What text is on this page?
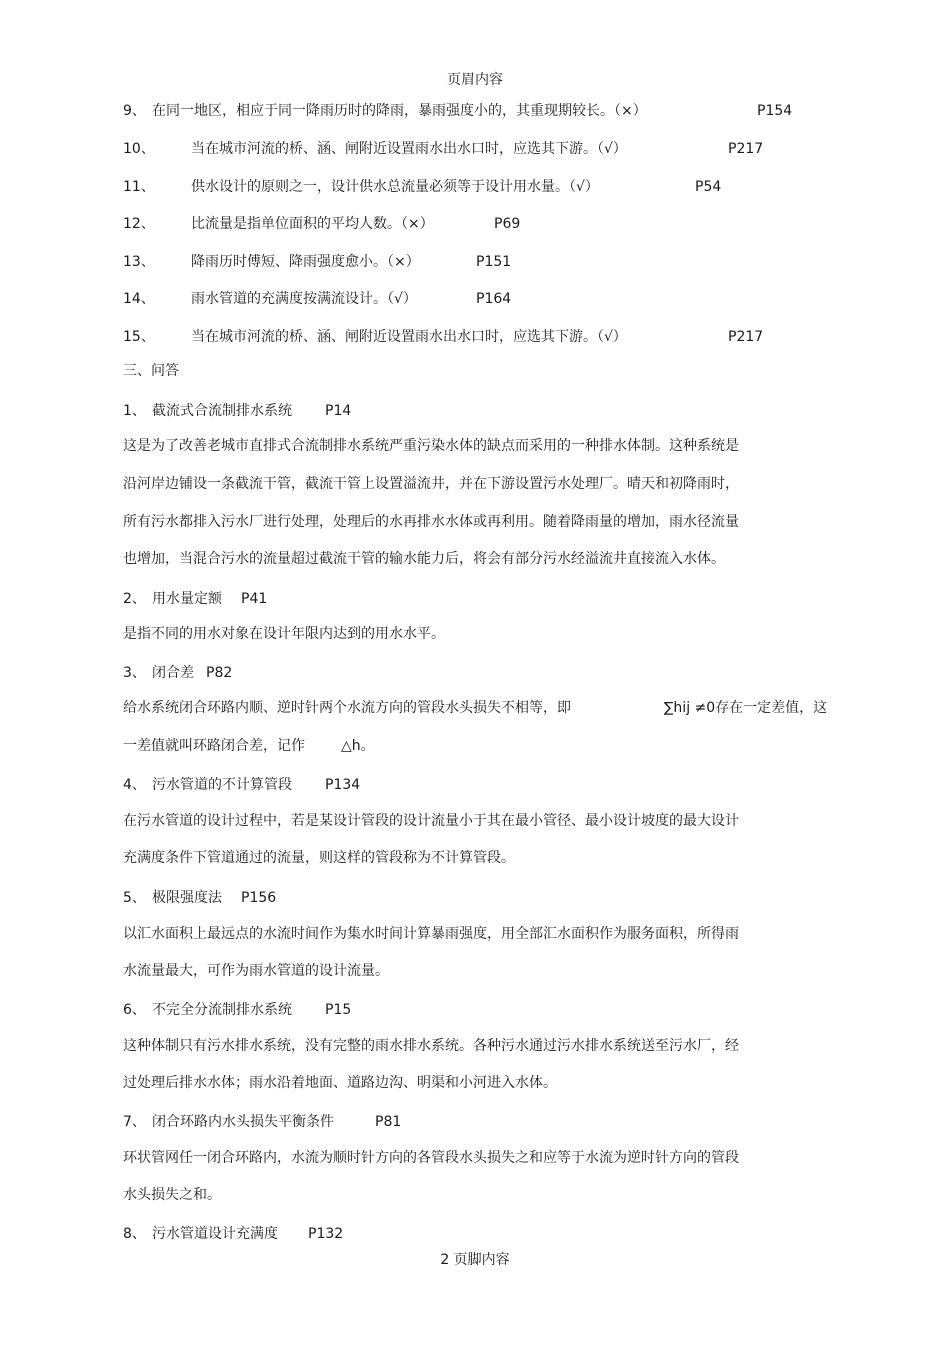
页眉内容
9、 在同一地区，相应于同一降雨历时的降雨，暴雨强度小的，其重现期较长。（×）	P154
10、	当在城市河流的桥、涵、闸附近设置雨水出水口时，应选其下游。（√）	P217
11、	供水设计的原则之一，设计供水总流量必须等于设计用水量。（√）	P54
12、	比流量是指单位面积的平均人数。（×）	P69
13、	降雨历时傅短、降雨强度愈小。（×）	P151
14、	雨水管道的充满度按满流设计。（√）	P164
15、	当在城市河流的桥、涵、闸附近设置雨水出水口时，应选其下游。（√）	P217
三、问答
1、 截流式合流制排水系统 P14
这是为了改善老城市直排式合流制排水系统严重污染水体的缺点而采用的一种排水体制。这种系统是
沿河岸边铺设一条截流干管，截流干管上设置溢流井，并在下游设置污水处理厂。晴天和初降雨时，
所有污水都排入污水厂进行处理，处理后的水再排水水体或再利用。随着降雨量的增加，雨水径流量
也增加，当混合污水的流量超过截流干管的输水能力后，将会有部分污水经溢流井直接流入水体。
2、 用水量定额 P41
是指不同的用水对象在设计年限内达到的用水水平。
3、 闭合差 P82
给水系统闭合环路内顺、逆时针两个水流方向的管段水头损失不相等，即	∑hij ≠0存在一定差值，这
一差值就叫环路闭合差，记作	△h。
4、 污水管道的不计算管段 P134
在污水管道的设计过程中，若是某设计管段的设计流量小于其在最小管径、最小设计坡度的最大设计
充满度条件下管道通过的流量，则这样的管段称为不计算管段。
5、 极限强度法 P156
以汇水面积上最远点的水流时间作为集水时间计算暴雨强度，用全部汇水面积作为服务面积，所得雨
水流量最大，可作为雨水管道的设计流量。
6、 不完全分流制排水系统 P15
这种体制只有污水排水系统，没有完整的雨水排水系统。各种污水通过污水排水系统送至污水厂，经
过处理后排水水体；雨水沿着地面、道路边沟、明渠和小河进入水体。
7、 闭合环路内水头损失平衡条件	P81
环状管网任一闭合环路内，水流为顺时针方向的各管段水头损失之和应等于水流为逆时针方向的管段
水头损失之和。
8、 污水管道设计充满度 P132
2 页脚内容
